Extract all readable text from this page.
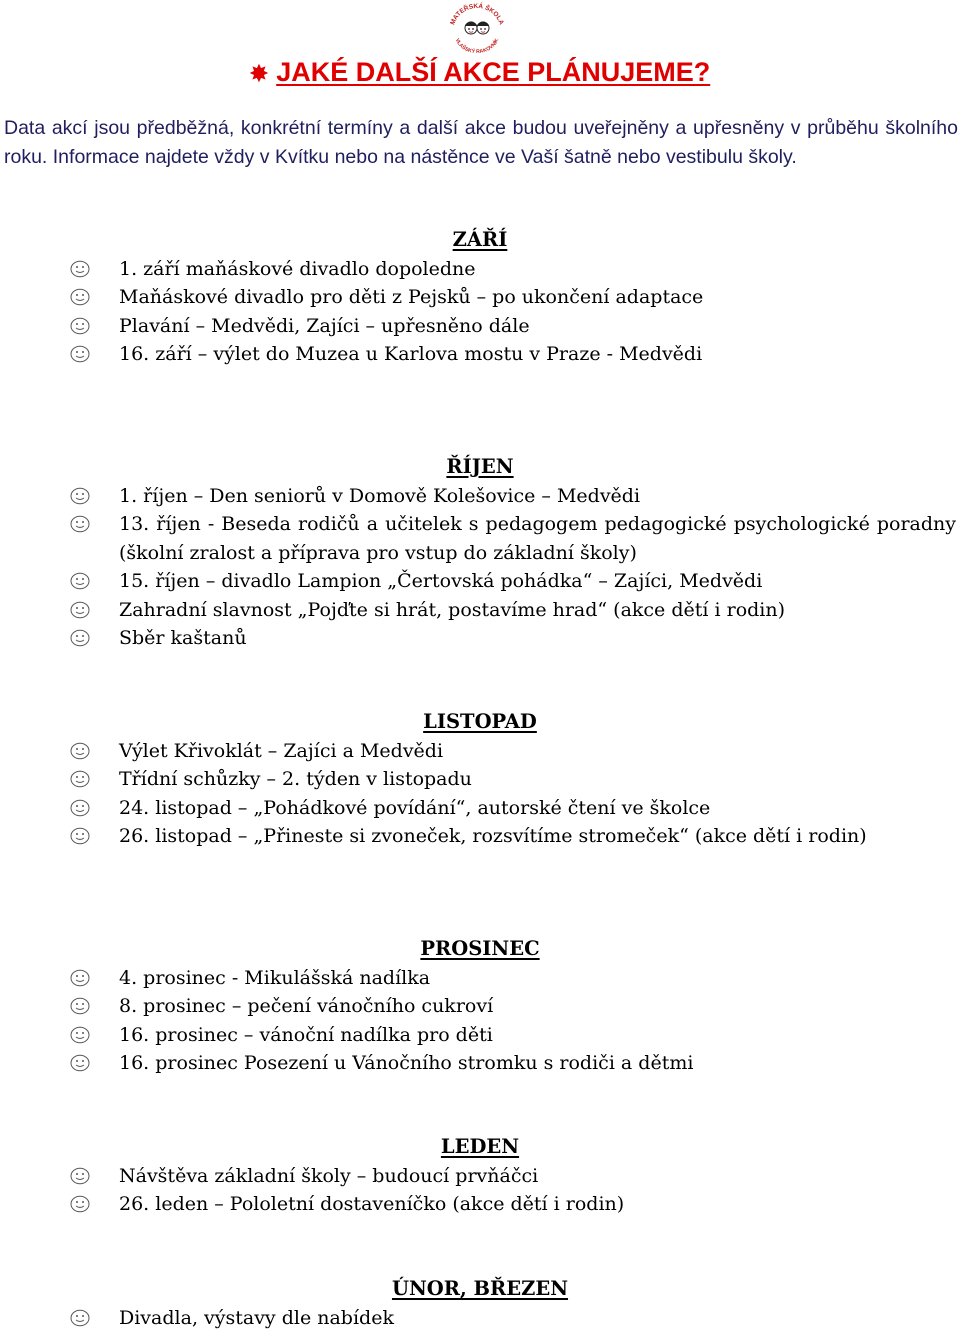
MATEŘSKÁ ŠKOLA
VLAŠSKÝ RAKOVNÍK
✸ JAKÉ DALŠÍ AKCE PLÁNUJEME?

Data akcí jsou předběžná, konkrétní termíny a další akce budou uveřejněny a upřesněny v průběhu školního roku. Informace najdete vždy v Kvítku nebo na nástěnce ve Vaší šatně nebo vestibulu školy.

ZÁŘÍ
1. září maňáskové divadlo dopoledne
Maňáskové divadlo pro děti z Pejsků – po ukončení adaptace
Plavání – Medvědi, Zajíci – upřesněno dále
16. září – výlet do Muzea u Karlova mostu v Praze - Medvědi
ŘÍJEN
1. říjen – Den seniorů v Domově Kolešovice – Medvědi
13. říjen - Beseda rodičů a učitelek s pedagogem pedagogické psychologické poradny (školní zralost a příprava pro vstup do základní školy)
15. říjen – divadlo Lampion „Čertovská pohádka“ – Zajíci, Medvědi
Zahradní slavnost „Pojďte si hrát, postavíme hrad“ (akce dětí i rodin)
Sběr kaštanů
LISTOPAD
Výlet Křivoklát – Zajíci a Medvědi
Třídní schůzky – 2. týden v listopadu
24. listopad – „Pohádkové povídání“, autorské čtení ve školce
26. listopad – „Přineste si zvoneček, rozsvítíme stromeček“ (akce dětí i rodin)
PROSINEC
4. prosinec - Mikulášská nadílka
8. prosinec – pečení vánočního cukroví
16. prosinec – vánoční nadílka pro děti
16. prosinec Posezení u Vánočního stromku s rodiči a dětmi
LEDEN
Návštěva základní školy – budoucí prvňáčci
26. leden – Pololetní dostaveníčko (akce dětí i rodin)
ÚNOR, BŘEZEN
Divadla, výstavy dle nabídek
